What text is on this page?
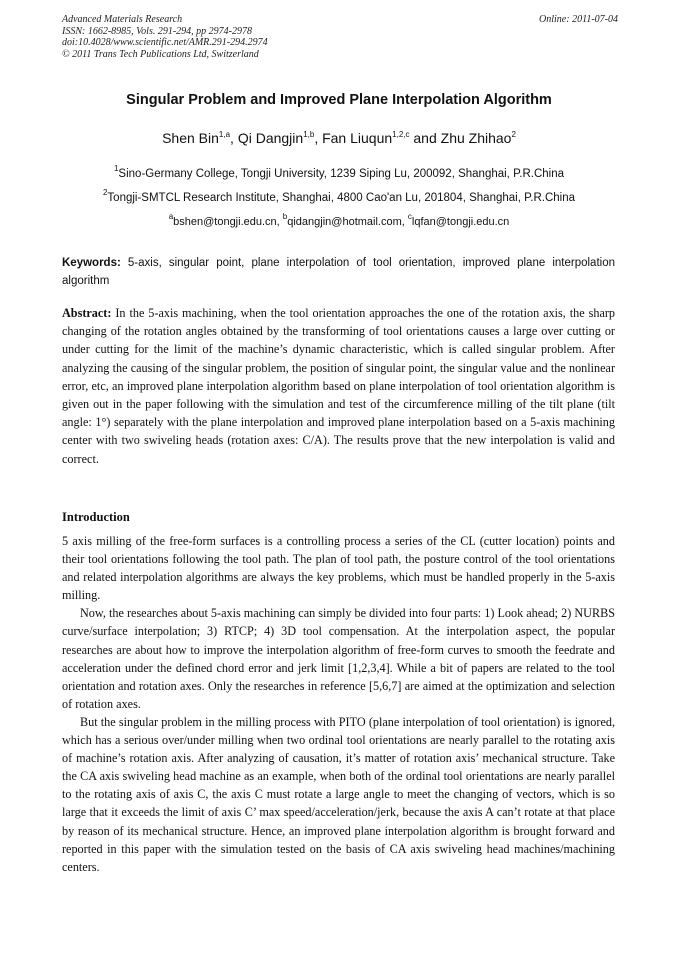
Advanced Materials Research
ISSN: 1662-8985, Vols. 291-294, pp 2974-2978
doi:10.4028/www.scientific.net/AMR.291-294.2974
© 2011 Trans Tech Publications Ltd, Switzerland
Online: 2011-07-04
Singular Problem and Improved Plane Interpolation Algorithm
Shen Bin$^{1,a}$, Qi Dangjin$^{1,b}$, Fan Liuqun$^{1,2,c}$ and Zhu Zhihao$^2$
$^1$Sino-Germany College, Tongji University, 1239 Siping Lu, 200092, Shanghai, P.R.China
$^2$Tongji-SMTCL Research Institute, Shanghai, 4800 Cao'an Lu, 201804, Shanghai, P.R.China
$^a$bshen@tongji.edu.cn, $^b$qidangjin@hotmail.com, $^c$lqfan@tongji.edu.cn
Keywords: 5-axis, singular point, plane interpolation of tool orientation, improved plane interpolation algorithm
Abstract: In the 5-axis machining, when the tool orientation approaches the one of the rotation axis, the sharp changing of the rotation angles obtained by the transforming of tool orientations causes a large over cutting or under cutting for the limit of the machine’s dynamic characteristic, which is called singular problem. After analyzing the causing of the singular problem, the position of singular point, the singular value and the nonlinear error, etc, an improved plane interpolation algorithm based on plane interpolation of tool orientation algorithm is given out in the paper following with the simulation and test of the circumference milling of the tilt plane (tilt angle: 1°) separately with the plane interpolation and improved plane interpolation based on a 5-axis machining center with two swiveling heads (rotation axes: C/A). The results prove that the new interpolation is valid and correct.
Introduction

5 axis milling of the free-form surfaces is a controlling process a series of the CL (cutter location) points and their tool orientations following the tool path. The plan of tool path, the posture control of the tool orientations and related interpolation algorithms are always the key problems, which must be handled properly in the 5-axis milling.

Now, the researches about 5-axis machining can simply be divided into four parts: 1) Look ahead; 2) NURBS curve/surface interpolation; 3) RTCP; 4) 3D tool compensation. At the interpolation aspect, the popular researches are about how to improve the interpolation algorithm of free-form curves to smooth the feedrate and acceleration under the defined chord error and jerk limit [1,2,3,4]. While a bit of papers are related to the tool orientation and rotation axes. Only the researches in reference [5,6,7] are aimed at the optimization and selection of rotation axes.

But the singular problem in the milling process with PITO (plane interpolation of tool orientation) is ignored, which has a serious over/under milling when two ordinal tool orientations are nearly parallel to the rotating axis of machine’s rotation axis. After analyzing of causation, it’s matter of rotation axis’ mechanical structure. Take the CA axis swiveling head machine as an example, when both of the ordinal tool orientations are nearly parallel to the rotating axis of axis C, the axis C must rotate a large angle to meet the changing of vectors, which is so large that it exceeds the limit of axis C’ max speed/acceleration/jerk, because the axis A can’t rotate at that place by reason of its mechanical structure. Hence, an improved plane interpolation algorithm is brought forward and reported in this paper with the simulation tested on the basis of CA axis swiveling head machines/machining centers.
